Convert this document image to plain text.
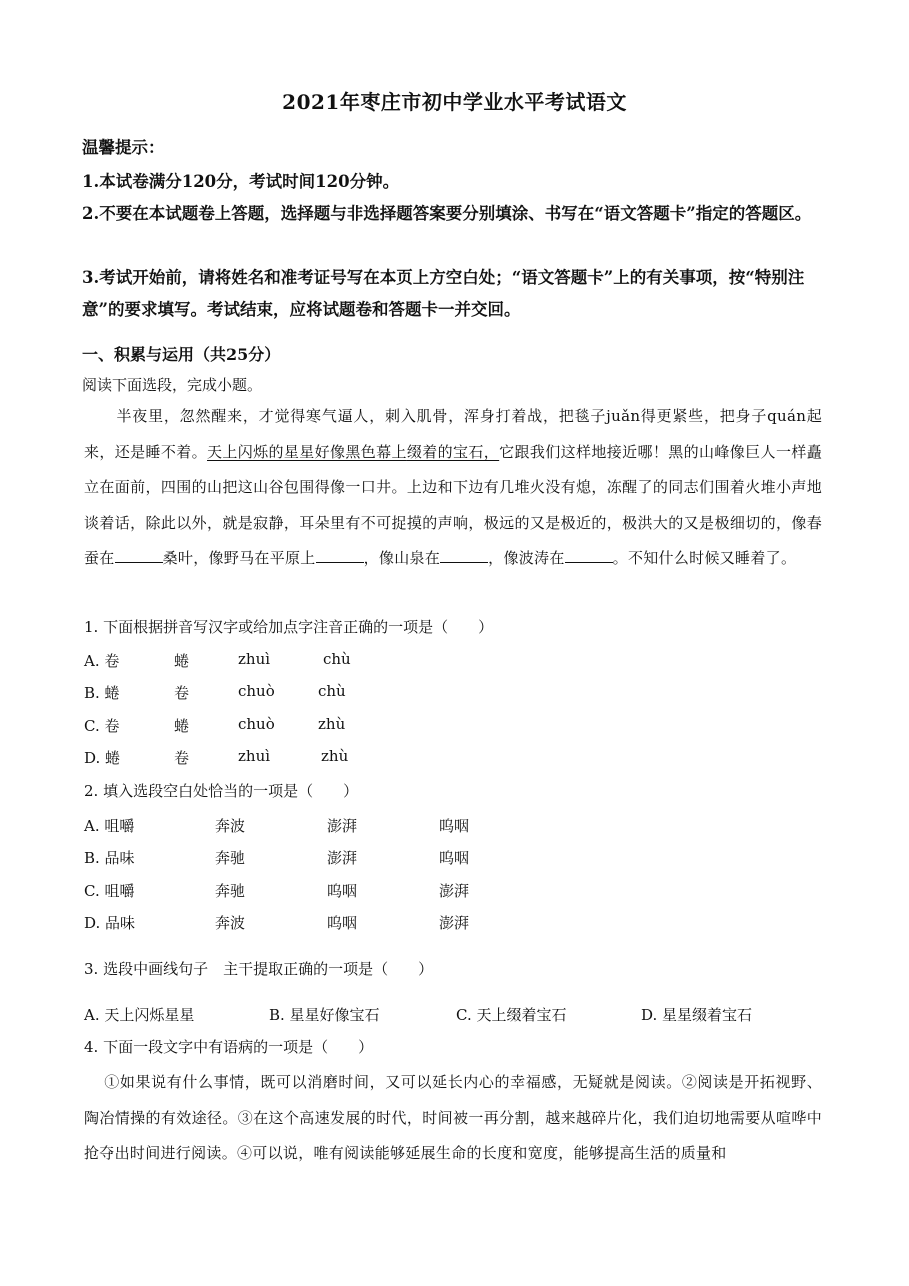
2021年枣庄市初中学业水平考试语文
温馨提示：
1.本试卷满分120分，考试时间120分钟。
2.不要在本试题卷上答题，选择题与非选择题答案要分别填涂、书写在“语文答题卡”指定的答题区。
3.考试开始前，请将姓名和准考证号写在本页上方空白处；“语文答题卡”上的有关事项，按“特别注意”的要求填写。考试结束，应将试题卷和答题卡一并交回。
一、积累与运用（共25分）
阅读下面选段，完成小题。
半夜里，忽然醒来，才觉得寒气逼人，刺入肌骨，浑身打着战，把毯子juǎn得更紧些，把身子quán起来，还是睡不着。天上闪烁的星星好像黑色幕上缀着的宝石，它跟我们这样地接近哪！黑的山峰像巨人一样矗立在面前，四围的山把这山谷包围得像一口井。上边和下边有几堆火没有熄，冻醒了的同志们围着火堆小声地谈着话，除此以外，就是寂静，耳朵里有不可捉摸的声响，极远的又是极近的，极洪大的又是极细切的，像春蚕在	桑叶，像野马在平原上	，像山泉在	，像波涛在	。不知什么时候又睡着了。
1. 下面根据拼音写汉字或给加点字注音正确的一项是（　　）
A. 卷	蜷	zhuì	chù
B. 蜷	卷	chuò	chù
C. 卷	蜷	chuò	zhù
D. 蜷	卷	zhuì	zhù
2. 填入选段空白处恰当的一项是（　　）
A. 咀嚼	奔波	澎湃	呜咽
B. 品味	奔驰	澎湃	呜咽
C. 咀嚼	奔驰	呜咽	澎湃
D. 品味	奔波	呜咽	澎湃
3. 选段中画线句子　主干提取正确的一项是（　　）
A. 天上闪烁星星	B. 星星好像宝石	C. 天上缀着宝石	D. 星星缀着宝石
4. 下面一段文字中有语病的一项是（　　）
①如果说有什么事情，既可以消磨时间，又可以延长内心的幸福感，无疑就是阅读。②阅读是开拓视野、陶冶情操的有效途径。③在这个高速发展的时代，时间被一再分割，越来越碎片化，我们迫切地需要从喧哗中抢夺出时间进行阅读。④可以说，唯有阅读能够延展生命的长度和宽度，能够提高生活的质量和
